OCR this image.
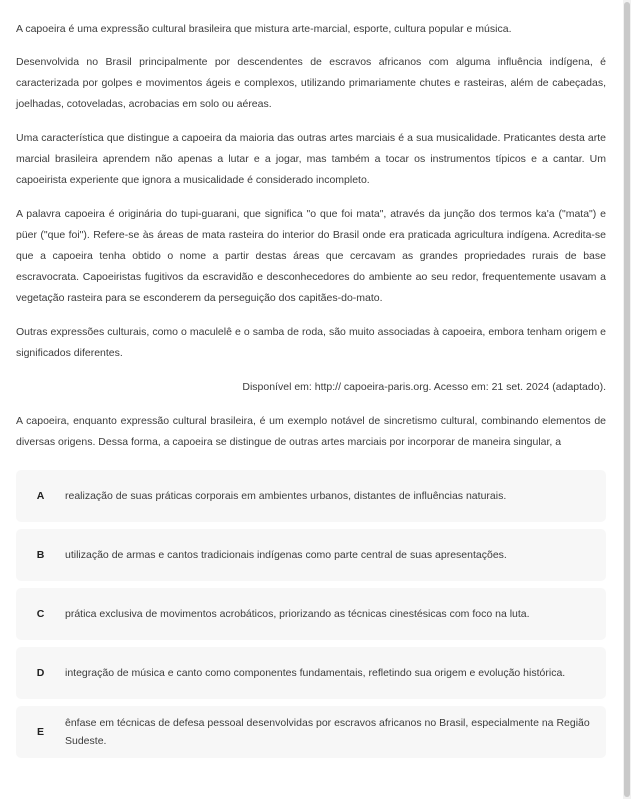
A capoeira é uma expressão cultural brasileira que mistura arte-marcial, esporte, cultura popular e música.

Desenvolvida no Brasil principalmente por descendentes de escravos africanos com alguma influência indígena, é caracterizada por golpes e movimentos ágeis e complexos, utilizando primariamente chutes e rasteiras, além de cabeçadas, joelhadas, cotoveladas, acrobacias em solo ou aéreas.

Uma característica que distingue a capoeira da maioria das outras artes marciais é a sua musicalidade. Praticantes desta arte marcial brasileira aprendem não apenas a lutar e a jogar, mas também a tocar os instrumentos típicos e a cantar. Um capoeirista experiente que ignora a musicalidade é considerado incompleto.

A palavra capoeira é originária do tupi-guarani, que significa "o que foi mata", através da junção dos termos ka'a ("mata") e püer ("que foi"). Refere-se às áreas de mata rasteira do interior do Brasil onde era praticada agricultura indígena. Acredita-se que a capoeira tenha obtido o nome a partir destas áreas que cercavam as grandes propriedades rurais de base escravocrata. Capoeiristas fugitivos da escravidão e desconhecedores do ambiente ao seu redor, frequentemente usavam a vegetação rasteira para se esconderem da perseguição dos capitães-do-mato.

Outras expressões culturais, como o maculelê e o samba de roda, são muito associadas à capoeira, embora tenham origem e significados diferentes.

Disponível em: http:// capoeira-paris.org. Acesso em: 21 set. 2024 (adaptado).

A capoeira, enquanto expressão cultural brasileira, é um exemplo notável de sincretismo cultural, combinando elementos de diversas origens. Dessa forma, a capoeira se distingue de outras artes marciais por incorporar de maneira singular, a

A	realização de suas práticas corporais em ambientes urbanos, distantes de influências naturais.
B	utilização de armas e cantos tradicionais indígenas como parte central de suas apresentações.
C	prática exclusiva de movimentos acrobáticos, priorizando as técnicas cinestésicas com foco na luta.
D	integração de música e canto como componentes fundamentais, refletindo sua origem e evolução histórica.
E
ênfase em técnicas de defesa pessoal desenvolvidas por escravos africanos no Brasil, especialmente na Região Sudeste.
